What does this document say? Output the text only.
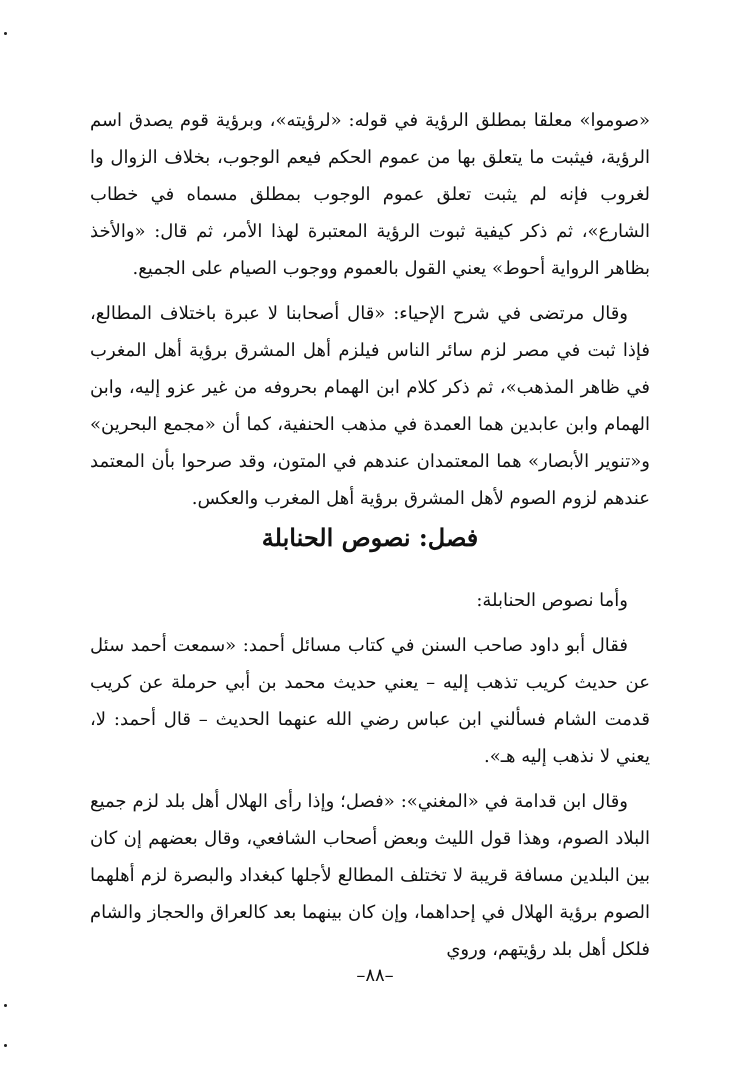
«صوموا» معلقا بمطلق الرؤية في قوله: «لرؤيته»، وبرؤية قوم يصدق اسم الرؤية، فيثبت ما يتعلق بها من عموم الحكم فيعم الوجوب، بخلاف الزوال وا لغروب فإنه لم يثبت تعلق عموم الوجوب بمطلق مسماه في خطاب الشارع»، ثم ذكر كيفية ثبوت الرؤية المعتبرة لهذا الأمر، ثم قال: «والأخذ بظاهر الرواية أحوط» يعني القول بالعموم ووجوب الصيام على الجميع.

وقال مرتضى في شرح الإحياء: «قال أصحابنا لا عبرة باختلاف المطالع، فإذا ثبت في مصر لزم سائر الناس فيلزم أهل المشرق برؤية أهل المغرب في ظاهر المذهب»، ثم ذكر كلام ابن الهمام بحروفه من غير عزو إليه، وابن الهمام وابن عابدين هما العمدة في مذهب الحنفية، كما أن «مجمع البحرين» و«تنوير الأبصار» هما المعتمدان عندهم في المتون، وقد صرحوا بأن المعتمد عندهم لزوم الصوم لأهل المشرق برؤية أهل المغرب والعكس.

فصل: نصوص الحنابلة

وأما نصوص الحنابلة:

فقال أبو داود صاحب السنن في كتاب مسائل أحمد: «سمعت أحمد سئل عن حديث كريب تذهب إليه – يعني حديث محمد بن أبي حرملة عن كريب قدمت الشام فسألني ابن عباس رضي الله عنهما الحديث – قال أحمد: لا، يعني لا نذهب إليه هـ».

وقال ابن قدامة في «المغني»: «فصل؛ وإذا رأى الهلال أهل بلد لزم جميع البلاد الصوم، وهذا قول الليث وبعض أصحاب الشافعي، وقال بعضهم إن كان بين البلدين مسافة قريبة لا تختلف المطالع لأجلها كبغداد والبصرة لزم أهلهما الصوم برؤية الهلال في إحداهما، وإن كان بينهما بعد كالعراق والحجاز والشام فلكل أهل بلد رؤيتهم، وروي

–٨٨–
